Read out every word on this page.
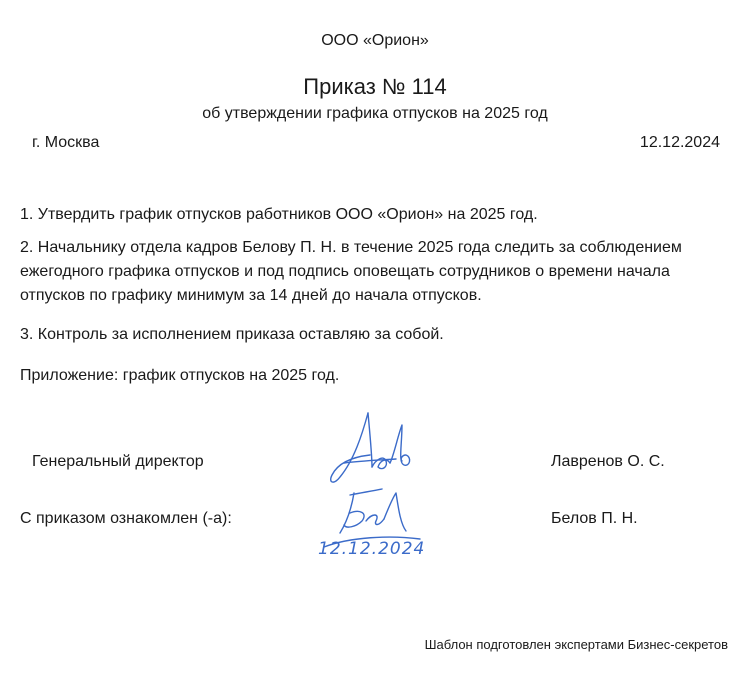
ООО «Орион»
Приказ № 114
об утверждении графика отпусков на 2025 год
г. Москва	12.12.2024
1. Утвердить график отпусков работников ООО «Орион» на 2025 год.
2. Начальнику отдела кадров Белову П. Н. в течение 2025 года следить за соблюдением ежегодного графика отпусков и под подпись оповещать сотрудников о времени начала отпусков по графику минимум за 14 дней до начала отпусков.
3. Контроль за исполнением приказа оставляю за собой.
Приложение: график отпусков на 2025 год.
Генеральный директор	Лавренов О. С.
С приказом ознакомлен (-а):	Белов П. Н.
12.12.2024
Шаблон подготовлен экспертами Бизнес-секретов
